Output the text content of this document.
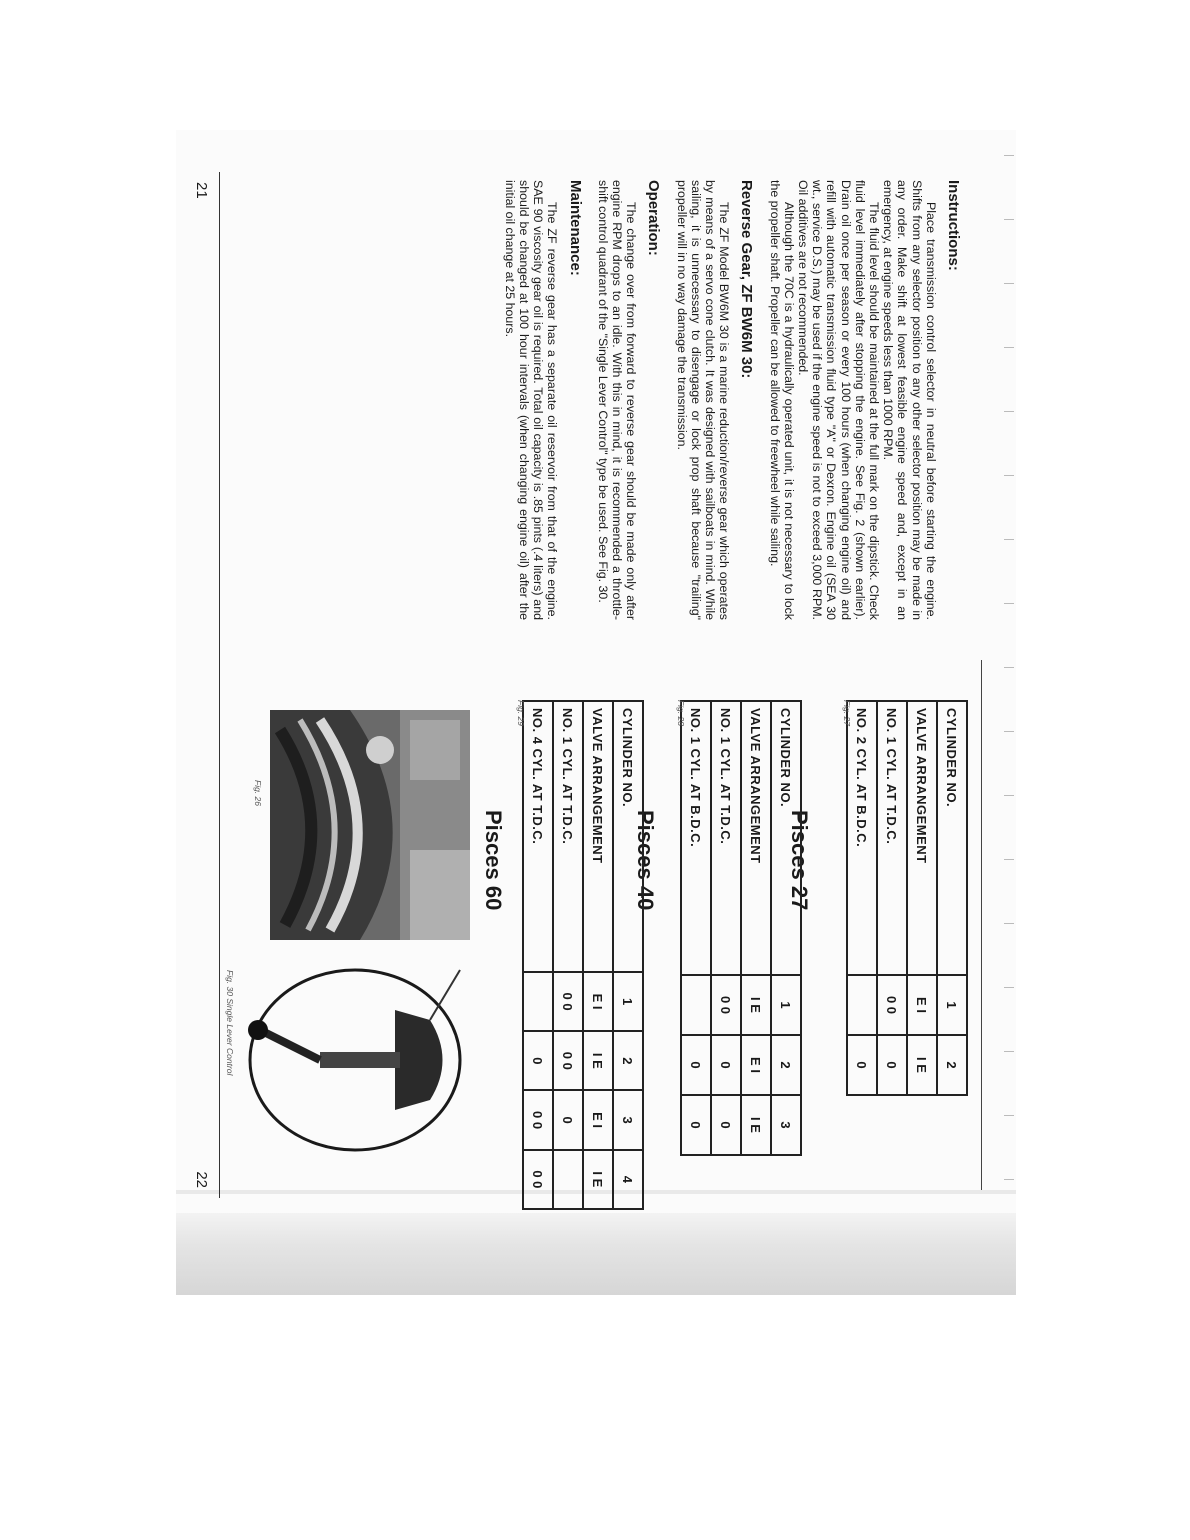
Instructions:

Place transmission control selector in neutral before starting the engine. Shifts from any selector position to any other selector position may be made in any order. Make shift at lowest feasible engine speed and, except in an emergency, at engine speeds less than 1000 RPM.

The fluid level should be maintained at the full mark on the dipstick. Check fluid level immediately after stopping the engine. See Fig. 2 (shown earlier). Drain oil once per season or every 100 hours (when changing engine oil) and refill with automatic transmission fluid type "A" or Dexron. Engine oil (SEA 30 wt., service D.S.) may be used if the engine speed is not to exceed 3,000 RPM. Oil additives are not recommended.

Although the 70C is a hydraulically operated unit, it is not necessary to lock the propeller shaft. Propeller can be allowed to freewheel while sailing.

Reverse Gear, ZF BW6M 30:

The ZF Model BW6M 30 is a marine reduction/reverse gear which operates by means of a servo cone clutch. It was designed with sailboats in mind. While sailing, it is unnecessary to disengage or lock prop shaft because "trailing" propeller will in no way damage the transmission.

Operation:

The change over from forward to reverse gear should be made only after engine RPM drops to an idle. With this in mind, it is recommended a throttle-shift control quadrant of the "Single Lever Control" type be used. See Fig. 30.

Maintenance:

The ZF reverse gear has a separate oil reservoir from that of the engine. SAE 90 viscosity gear oil is required. Total oil capacity is .85 pints (.4 liters) and should be changed at 100 hour intervals (when changing engine oil) after the initial oil change at 25 hours.

21
22
Pisces 27
CYLINDER NO.	1	2
VALVE ARRANGEMENT	E I	I E
NO. 1 CYL. AT T.D.C.	0 0	0
NO. 2 CYL. AT B.D.C.		0
Fig. 27
Pisces 40
CYLINDER NO.	1	2	3
VALVE ARRANGEMENT	I E	E I	I E
NO. 1 CYL. AT T.D.C.	0 0	0	0
NO. 1 CYL. AT B.D.C.		0	0
Fig. 28
Pisces 60
CYLINDER NO.	1	2	3	4
VALVE ARRANGEMENT	E I	I E	E I	I E
NO. 1 CYL. AT T.D.C.	0 0	0 0	0	
NO. 4 CYL. AT T.D.C.		0	0 0	0 0
Fig. 29
Fig. 26
Fig. 30 Single Lever Control
